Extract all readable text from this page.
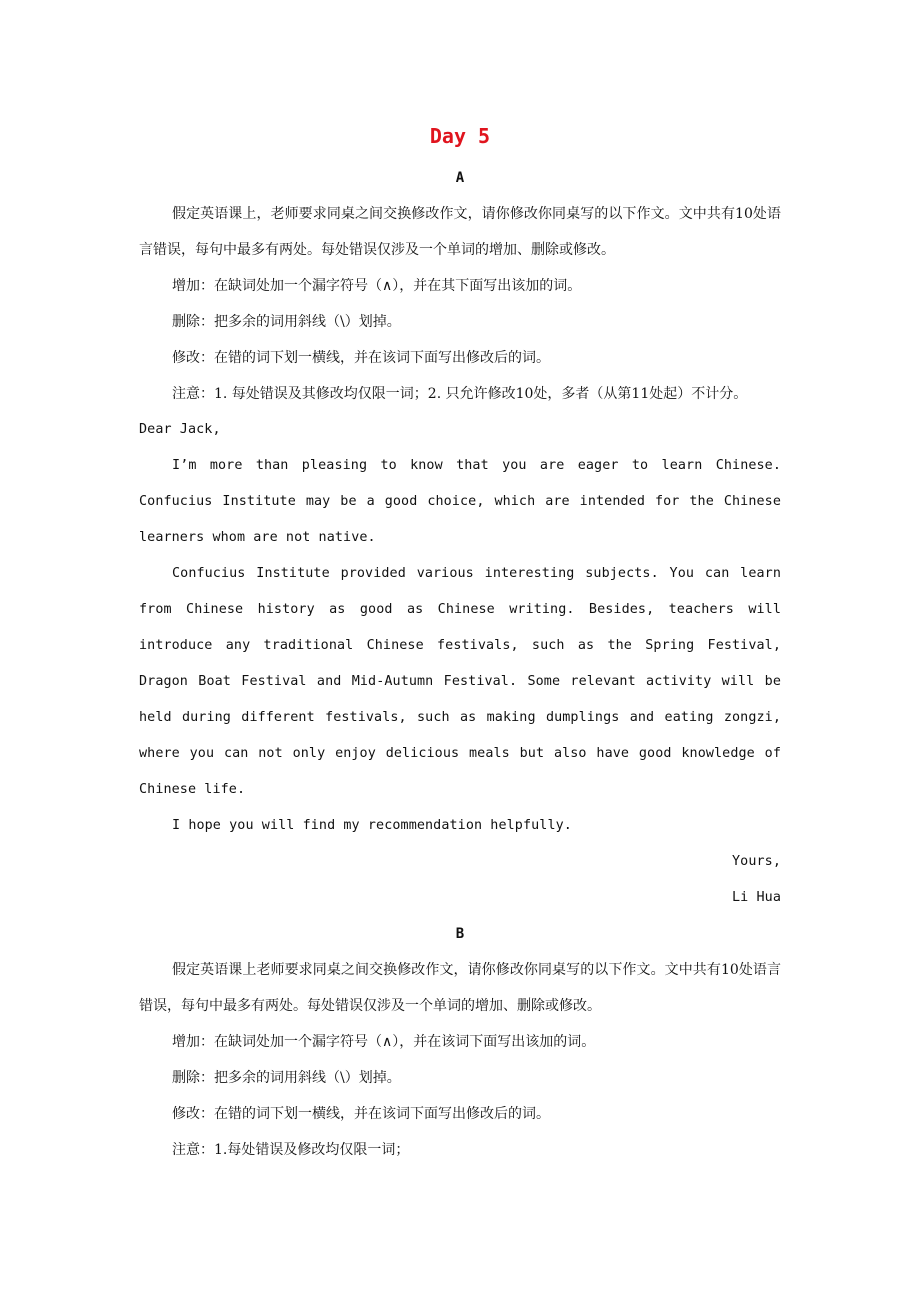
Day 5
A

假定英语课上，老师要求同桌之间交换修改作文，请你修改你同桌写的以下作文。文中共有10处语言错误，每句中最多有两处。每处错误仅涉及一个单词的增加、删除或修改。

增加：在缺词处加一个漏字符号（∧），并在其下面写出该加的词。

删除：把多余的词用斜线（\）划掉。

修改：在错的词下划一横线，并在该词下面写出修改后的词。

注意：1. 每处错误及其修改均仅限一词；2. 只允许修改10处，多者（从第11处起）不计分。

Dear Jack,

I’m more than pleasing to know that you are eager to learn Chinese. Confucius Institute may be a good choice, which are intended for the Chinese learners whom are not native.

Confucius Institute provided various interesting subjects. You can learn from Chinese history as good as Chinese writing. Besides, teachers will introduce any traditional Chinese festivals, such as the Spring Festival, Dragon Boat Festival and Mid-Autumn Festival. Some relevant activity will be held during different festivals, such as making dumplings and eating zongzi, where you can not only enjoy delicious meals but also have good knowledge of Chinese life.

I hope you will find my recommendation helpfully.

Yours,

Li Hua

B

假定英语课上老师要求同桌之间交换修改作文，请你修改你同桌写的以下作文。文中共有10处语言错误，每句中最多有两处。每处错误仅涉及一个单词的增加、删除或修改。

增加：在缺词处加一个漏字符号（∧），并在该词下面写出该加的词。

删除：把多余的词用斜线（\）划掉。

修改：在错的词下划一横线，并在该词下面写出修改后的词。

注意：1.每处错误及修改均仅限一词；
